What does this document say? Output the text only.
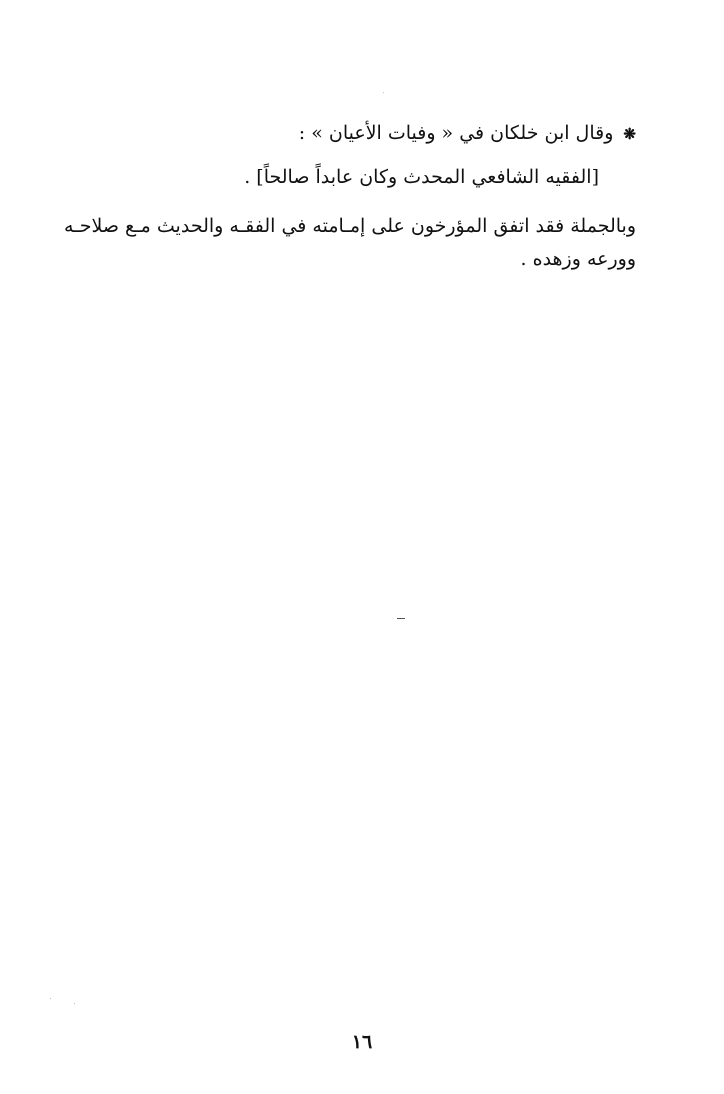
❋وقال ابن خلكان في « وفيات الأعيان » :
[الفقيه الشافعي المحدث وكان عابداً صالحاً] .
وبالجملة فقد اتفق المؤرخون على إمـامته في الفقـه والحديث مـع صلاحـه
وورعه وزهده .
١٦
